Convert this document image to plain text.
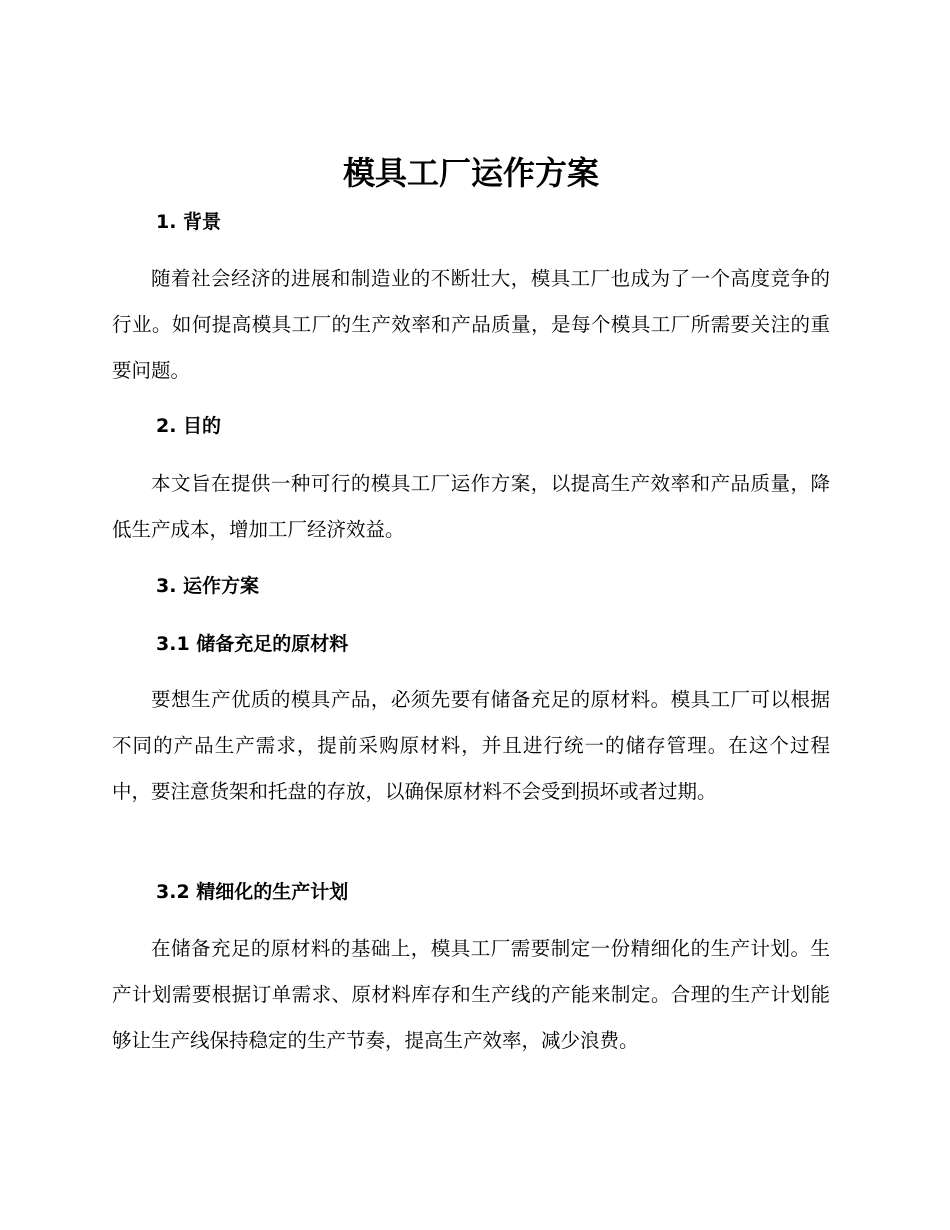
模具工厂运作方案
1. 背景

随着社会经济的进展和制造业的不断壮大，模具工厂也成为了一个高度竞争的行业。如何提高模具工厂的生产效率和产品质量，是每个模具工厂所需要关注的重要问题。

2. 目的

本文旨在提供一种可行的模具工厂运作方案，以提高生产效率和产品质量，降低生产成本，增加工厂经济效益。

3. 运作方案
3.1 储备充足的原材料

要想生产优质的模具产品，必须先要有储备充足的原材料。模具工厂可以根据不同的产品生产需求，提前采购原材料，并且进行统一的储存管理。在这个过程中，要注意货架和托盘的存放，以确保原材料不会受到损坏或者过期。

3.2 精细化的生产计划

在储备充足的原材料的基础上，模具工厂需要制定一份精细化的生产计划。生产计划需要根据订单需求、原材料库存和生产线的产能来制定。合理的生产计划能够让生产线保持稳定的生产节奏，提高生产效率，减少浪费。
